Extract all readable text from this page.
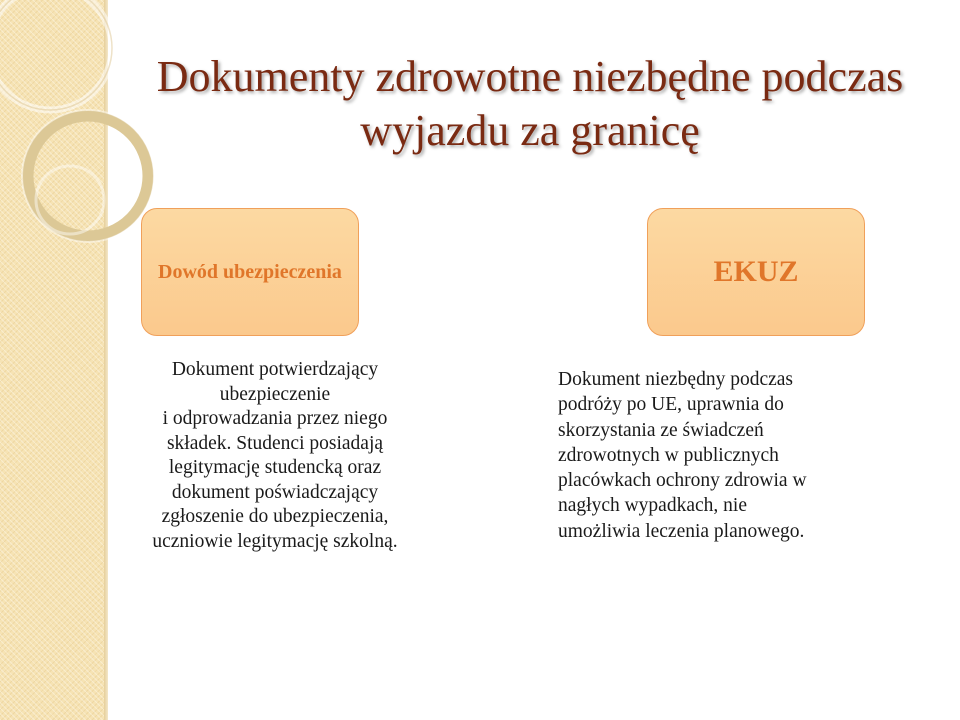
Dokumenty zdrowotne niezbędne podczas wyjazdu za granicę
Dowód ubezpieczenia	EKUZ
Dokument potwierdzający
ubezpieczenie
i odprowadzania przez niego
składek. Studenci posiadają
legitymację studencką oraz
dokument poświadczający
zgłoszenie do ubezpieczenia,
uczniowie legitymację szkolną.
Dokument niezbędny podczas
podróży po UE, uprawnia do
skorzystania ze świadczeń
zdrowotnych w publicznych
placówkach ochrony zdrowia w
nagłych wypadkach, nie
umożliwia leczenia planowego.
